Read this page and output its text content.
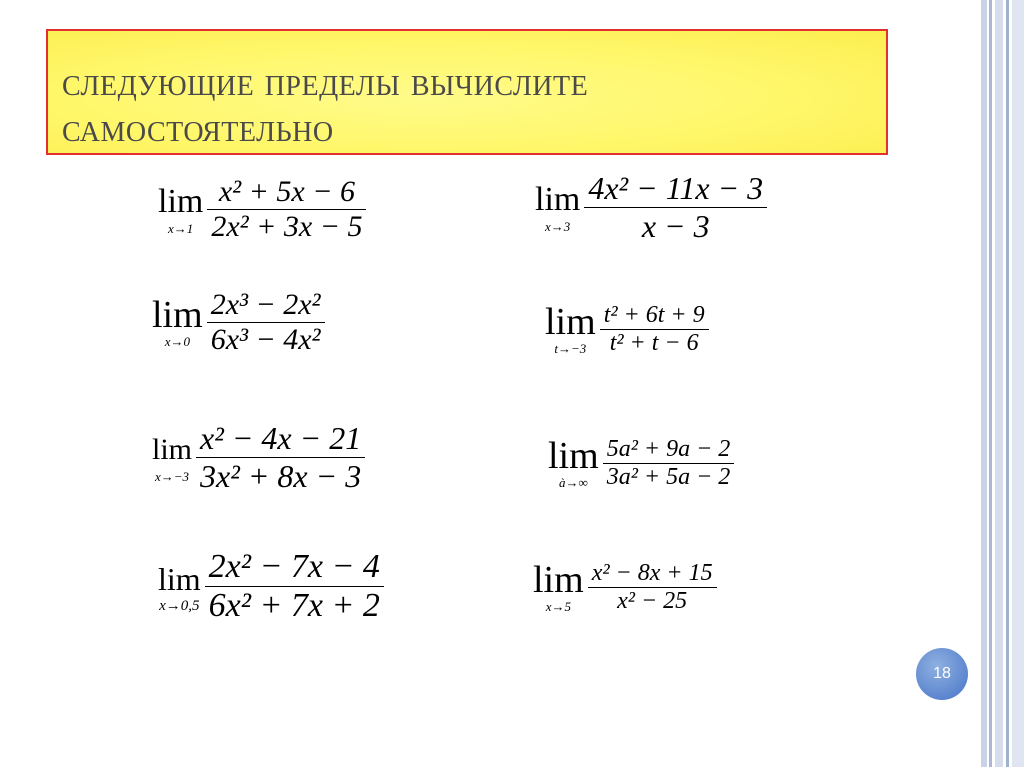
следующие пределы вычислите
самостоятельно
lim
$x\to 1 \frac{\text{x² + 5x − 6}}{\text{2x² + 3x − 5}}$	lim
$x\to 3 \frac{\text{4x² − 11x − 3}}{x - 3}$
lim
$x\to 0 \frac{\text{2x³ − 2x²}}{\text{6x³ − 4x²}}$	lim
$t\to-3 \frac{\text{t² + 6t + 9}}{\text{t² + t − 6}}$
lim
$x\to-3 \frac{\text{x² − 4x − 21}}{\text{3x² + 8x − 3}}$	lim
à→∞ $\frac{\text{5a² + 9a − 2}}{\text{3a² + 5a − 2}}$
lim
$x\to 0,5 \frac{\text{2x² − 7x − 4}}{\text{6x² + 7x + 2}}$	lim
$x\to 5 \frac{\text{x² − 8x + 15}}{\text{x² − 25}}$
18
